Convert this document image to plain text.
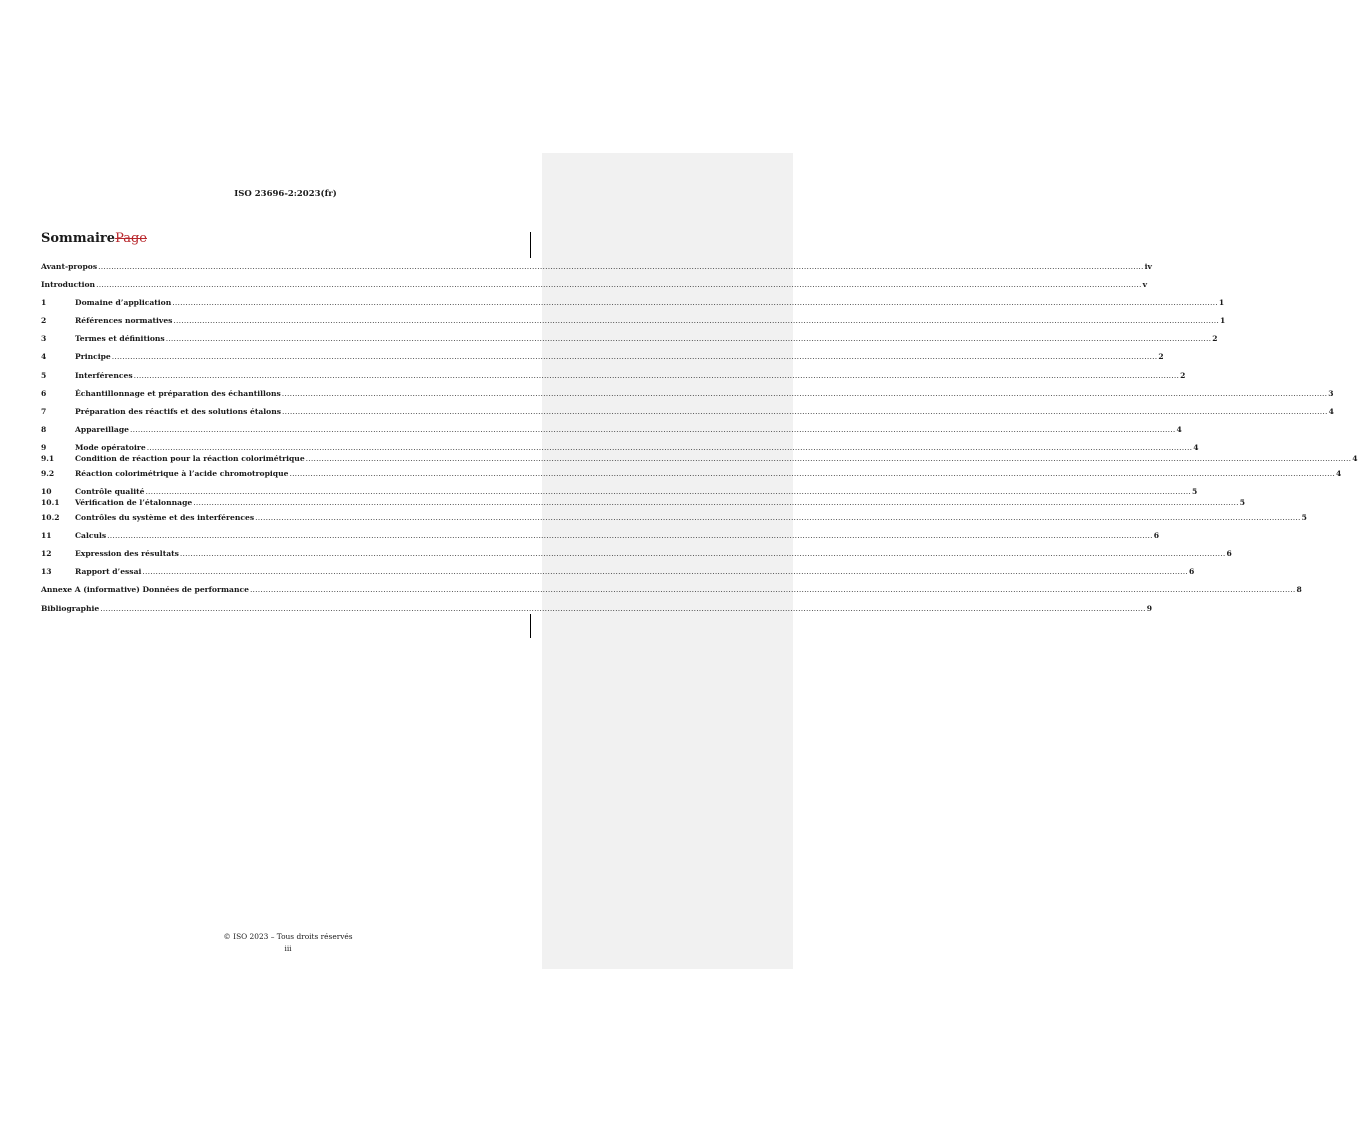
ISO 23696-2:2023(fr)
SommairePage
Avant-propos ................................................................................................................................................................................................................................................................................................................................................................................................................ iv
Introduction ................................................................................................................................................................................................................................................................................................................................................................................................................ v
1	Domaine d’application ................................................................................................................................................................................................................................................................................................................................................................................................................ 1
2	Références normatives ................................................................................................................................................................................................................................................................................................................................................................................................................ 1
3	Termes et définitions ................................................................................................................................................................................................................................................................................................................................................................................................................ 2
4	Principe ................................................................................................................................................................................................................................................................................................................................................................................................................ 2
5	Interférences ................................................................................................................................................................................................................................................................................................................................................................................................................ 2
6	Échantillonnage et préparation des échantillons ................................................................................................................................................................................................................................................................................................................................................................................................................ 3
7	Préparation des réactifs et des solutions étalons ................................................................................................................................................................................................................................................................................................................................................................................................................ 4
8	Appareillage ................................................................................................................................................................................................................................................................................................................................................................................................................ 4
9	Mode opératoire ................................................................................................................................................................................................................................................................................................................................................................................................................ 4
9.1	Condition de réaction pour la réaction colorimétrique ................................................................................................................................................................................................................................................................................................................................................................................................................ 4
9.2	Réaction colorimétrique à l’acide chromotropique ................................................................................................................................................................................................................................................................................................................................................................................................................ 4
10	Contrôle qualité ................................................................................................................................................................................................................................................................................................................................................................................................................ 5
10.1	Vérification de l’étalonnage ................................................................................................................................................................................................................................................................................................................................................................................................................ 5
10.2	Contrôles du système et des interférences ................................................................................................................................................................................................................................................................................................................................................................................................................ 5
11	Calculs ................................................................................................................................................................................................................................................................................................................................................................................................................ 6
12	Expression des résultats ................................................................................................................................................................................................................................................................................................................................................................................................................ 6
13	Rapport d’essai ................................................................................................................................................................................................................................................................................................................................................................................................................ 6
Annexe A (informative) Données de performance ................................................................................................................................................................................................................................................................................................................................................................................................................ 8
Bibliographie ................................................................................................................................................................................................................................................................................................................................................................................................................ 9
© ISO 2023 – Tous droits réservés
iii
